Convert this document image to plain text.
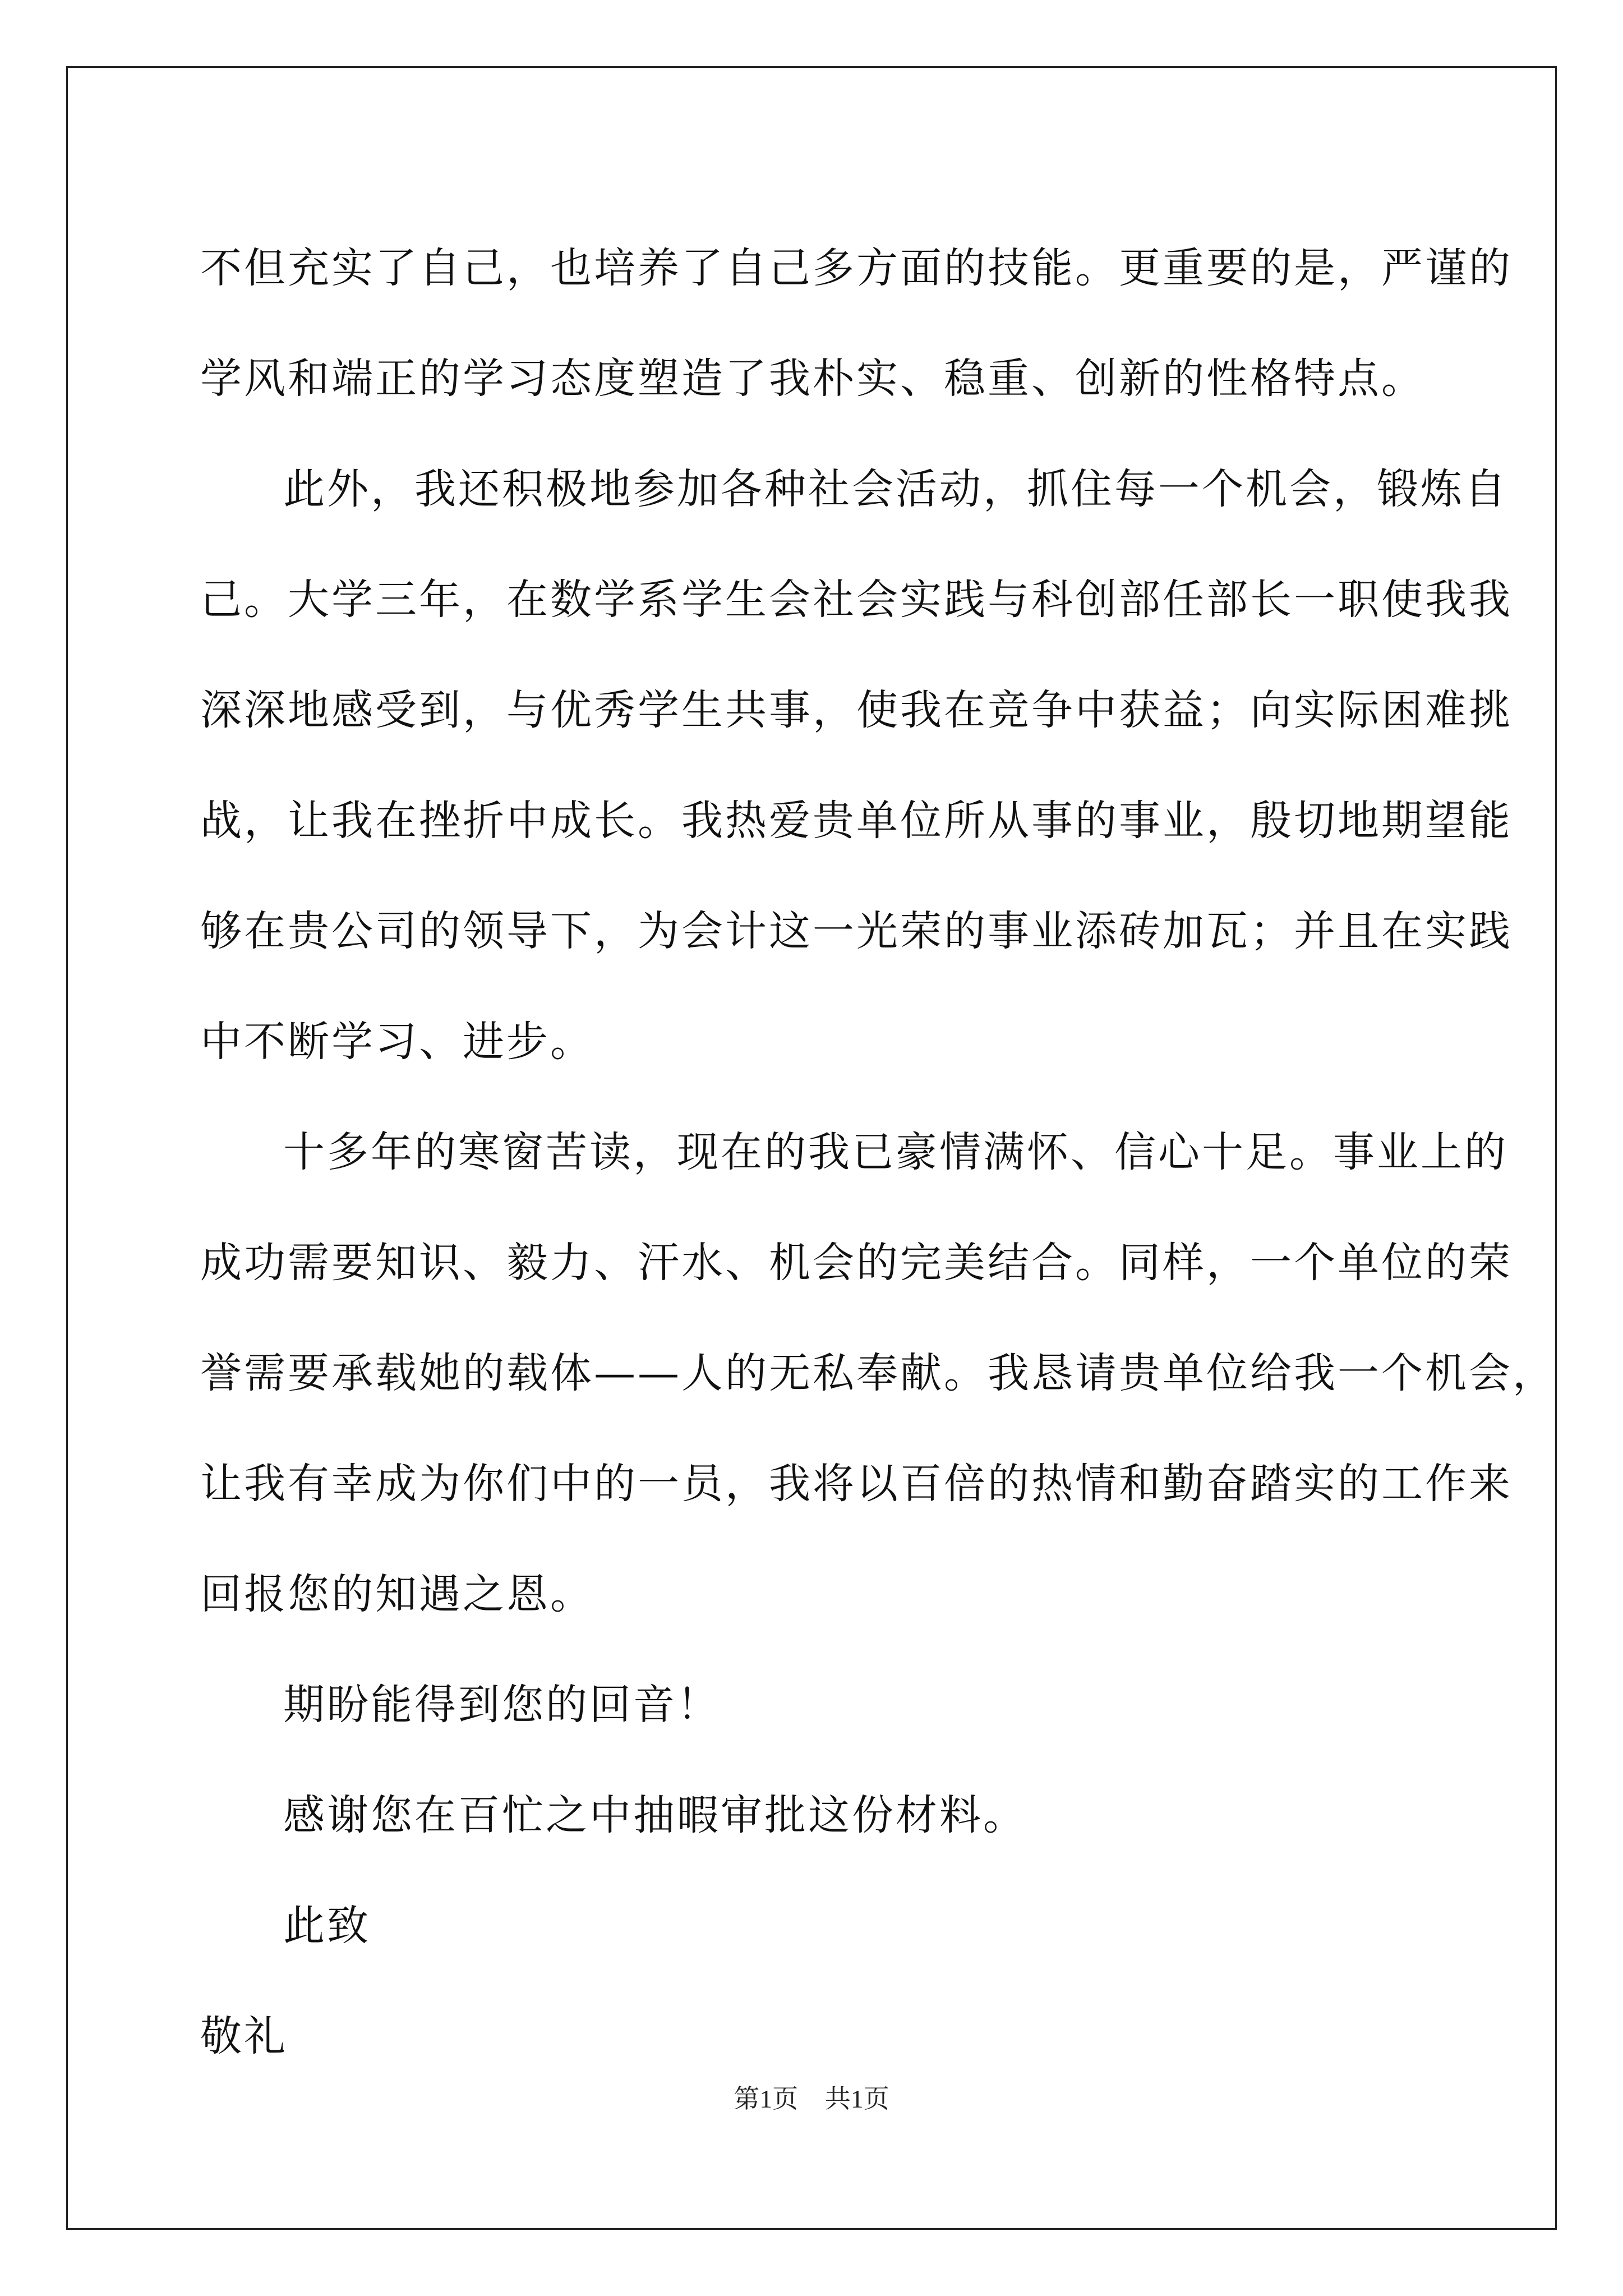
不但充实了自己，也培养了自己多方面的技能。更重要的是，严谨的
学风和端正的学习态度塑造了我朴实、稳重、创新的性格特点。
此外，我还积极地参加各种社会活动，抓住每一个机会，锻炼自
己。大学三年，在数学系学生会社会实践与科创部任部长一职使我我
深深地感受到，与优秀学生共事，使我在竞争中获益；向实际困难挑
战，让我在挫折中成长。我热爱贵单位所从事的事业，殷切地期望能
够在贵公司的领导下，为会计这一光荣的事业添砖加瓦；并且在实践
中不断学习、进步。
十多年的寒窗苦读，现在的我已豪情满怀、信心十足。事业上的
成功需要知识、毅力、汗水、机会的完美结合。同样，一个单位的荣
誉需要承载她的载体——人的无私奉献。我恳请贵单位给我一个机会，
让我有幸成为你们中的一员，我将以百倍的热情和勤奋踏实的工作来
回报您的知遇之恩。
期盼能得到您的回音！
感谢您在百忙之中抽暇审批这份材料。
此致
敬礼
第1页 共1页
